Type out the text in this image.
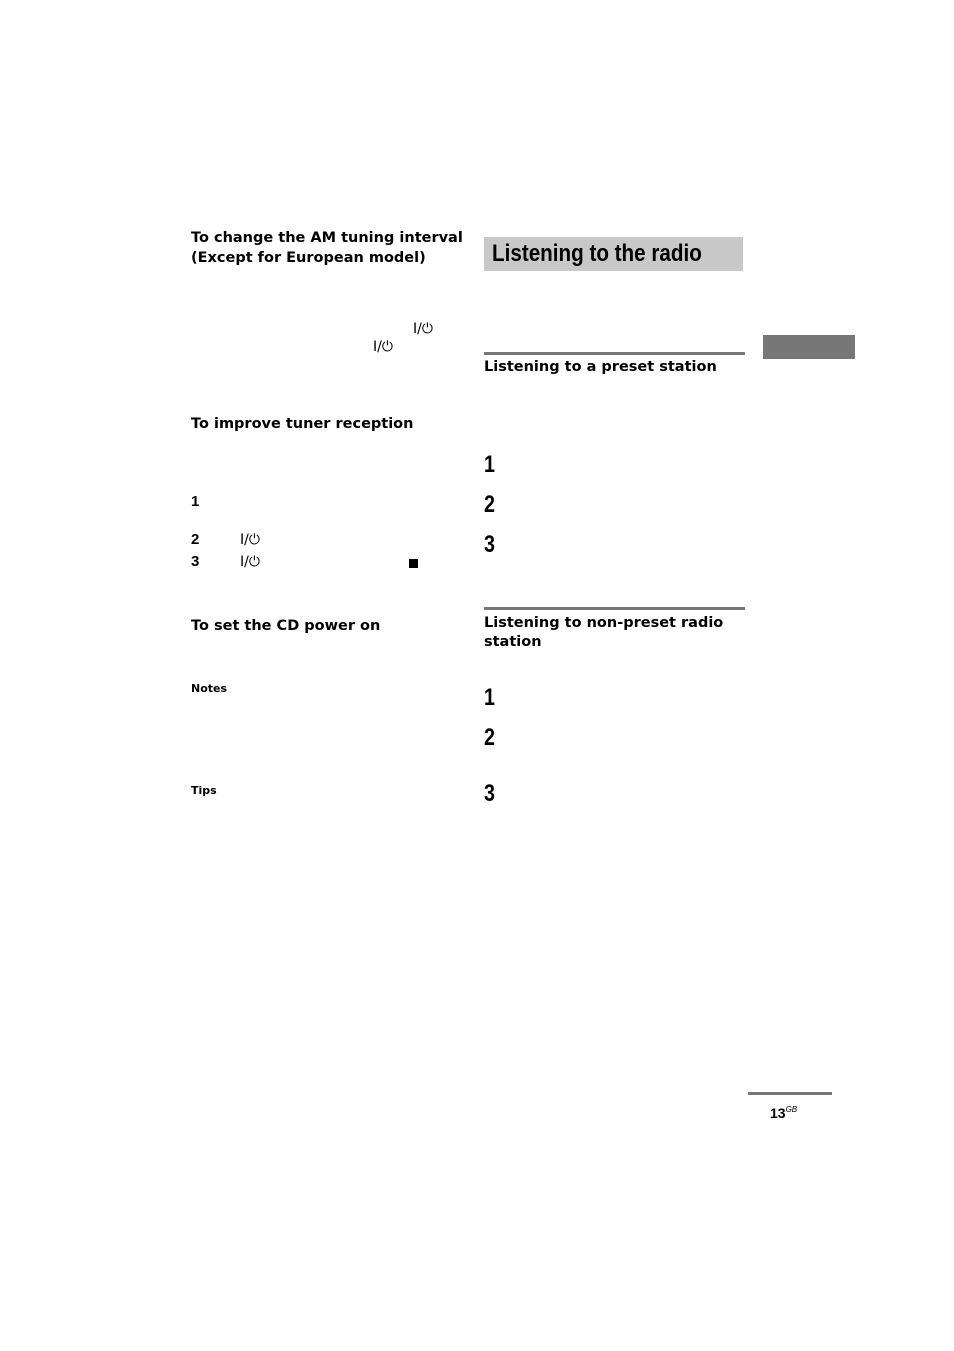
To change the AM tuning interval
(Except for European model)
I/⏻
I/⏻
To improve tuner reception
1
2	I/⏻
3	I/⏻
To set the CD power on
Notes
Tips
Listening to the radio
Listening to a preset station
1
2
3
Listening to non-preset radio
station
1
2
3
$13^{GB}$
